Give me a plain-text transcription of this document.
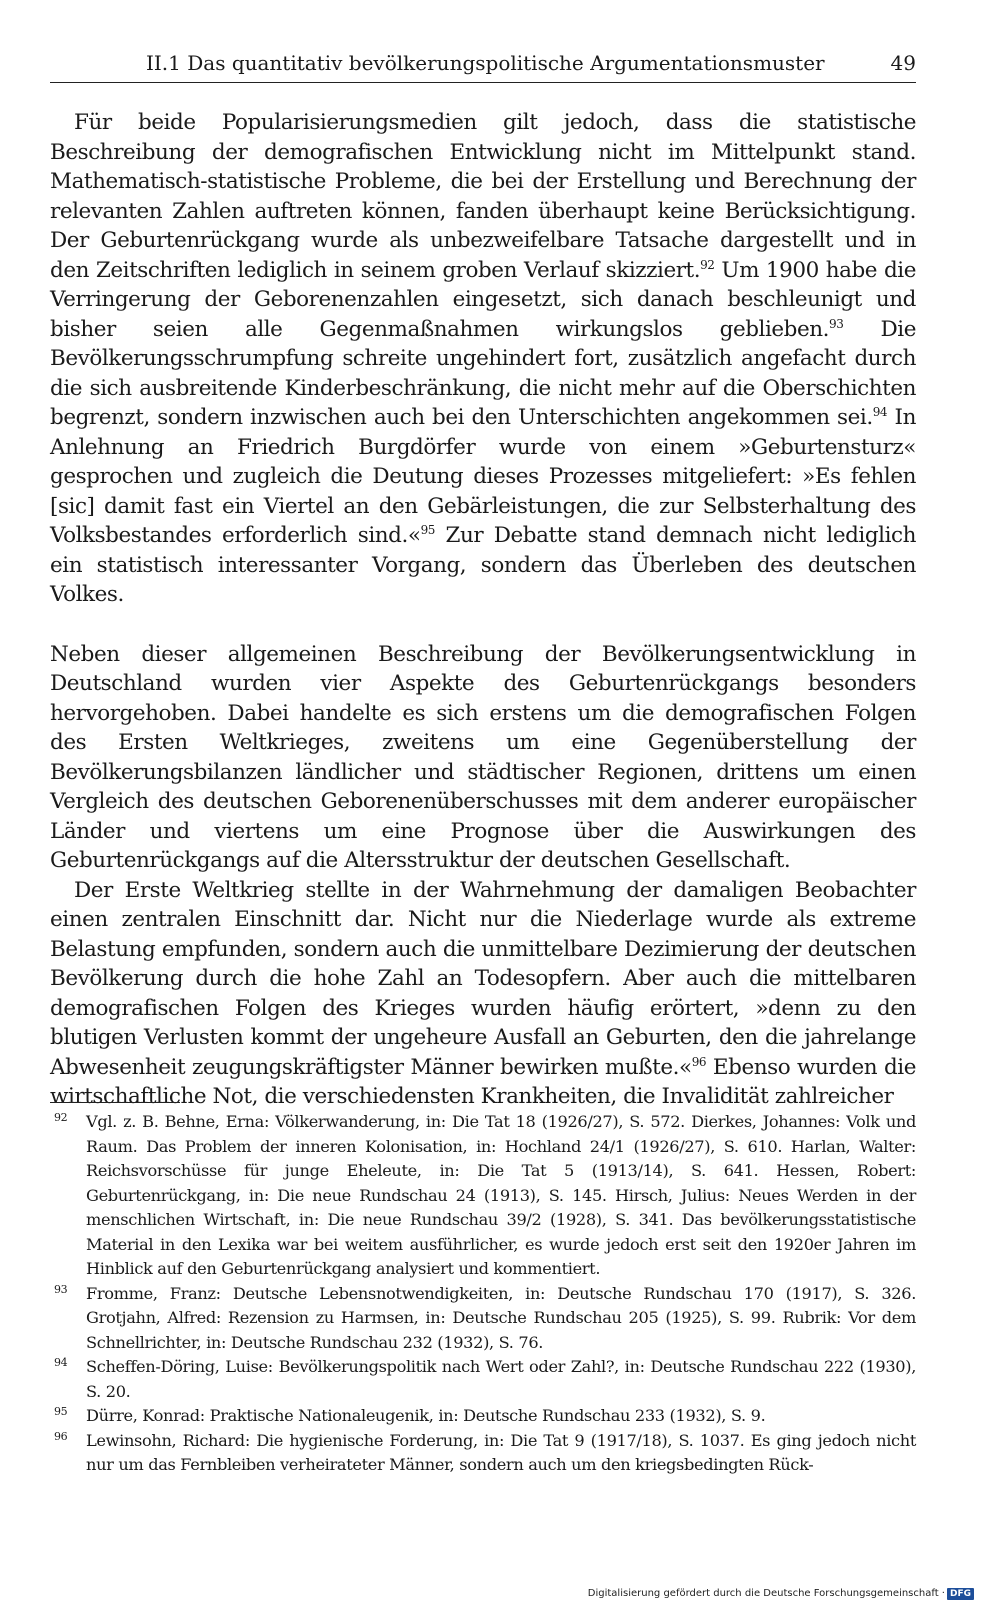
II.1 Das quantitativ bevölkerungspolitische Argumentationsmuster	49

Für beide Popularisierungsmedien gilt jedoch, dass die statistische Beschreibung der demografischen Entwicklung nicht im Mittelpunkt stand. Mathematisch-statistische Probleme, die bei der Erstellung und Berechnung der relevanten Zahlen auftreten können, fanden überhaupt keine Berücksichtigung. Der Geburtenrückgang wurde als unbezweifelbare Tatsache dargestellt und in den Zeitschriften lediglich in seinem groben Verlauf skizziert.$^{92}$ Um 1900 habe die Verringerung der Geborenenzahlen eingesetzt, sich danach beschleunigt und bisher seien alle Gegenmaßnahmen wirkungslos geblieben.$^{93}$ Die Bevölkerungsschrumpfung schreite ungehindert fort, zusätzlich angefacht durch die sich ausbreitende Kinderbeschränkung, die nicht mehr auf die Oberschichten begrenzt, sondern inzwischen auch bei den Unterschichten angekommen sei.$^{94}$ In Anlehnung an Friedrich Burgdörfer wurde von einem »Geburtensturz« gesprochen und zugleich die Deutung dieses Prozesses mitgeliefert: »Es fehlen [sic] damit fast ein Viertel an den Gebärleistungen, die zur Selbsterhaltung des Volksbestandes erforderlich sind.«$^{95}$ Zur Debatte stand demnach nicht lediglich ein statistisch interessanter Vorgang, sondern das Überleben des deutschen Volkes.

Neben dieser allgemeinen Beschreibung der Bevölkerungsentwicklung in Deutschland wurden vier Aspekte des Geburtenrückgangs besonders hervorgehoben. Dabei handelte es sich erstens um die demografischen Folgen des Ersten Weltkrieges, zweitens um eine Gegenüberstellung der Bevölkerungsbilanzen ländlicher und städtischer Regionen, drittens um einen Vergleich des deutschen Geborenenüberschusses mit dem anderer europäischer Länder und viertens um eine Prognose über die Auswirkungen des Geburtenrückgangs auf die Altersstruktur der deutschen Gesellschaft.

Der Erste Weltkrieg stellte in der Wahrnehmung der damaligen Beobachter einen zentralen Einschnitt dar. Nicht nur die Niederlage wurde als extreme Belastung empfunden, sondern auch die unmittelbare Dezimierung der deutschen Bevölkerung durch die hohe Zahl an Todesopfern. Aber auch die mittelbaren demografischen Folgen des Krieges wurden häufig erörtert, »denn zu den blutigen Verlusten kommt der ungeheure Ausfall an Geburten, den die jahrelange Abwesenheit zeugungskräftigster Männer bewirken mußte.«$^{96}$ Ebenso wurden die wirtschaftliche Not, die verschiedensten Krankheiten, die Invalidität zahlreicher

92 Vgl. z. B. Behne, Erna: Völkerwanderung, in: Die Tat 18 (1926/27), S. 572. Dierkes, Johannes: Volk und Raum. Das Problem der inneren Kolonisation, in: Hochland 24/1 (1926/27), S. 610. Harlan, Walter: Reichsvorschüsse für junge Eheleute, in: Die Tat 5 (1913/14), S. 641. Hessen, Robert: Geburtenrückgang, in: Die neue Rundschau 24 (1913), S. 145. Hirsch, Julius: Neues Werden in der menschlichen Wirtschaft, in: Die neue Rundschau 39/2 (1928), S. 341. Das bevölkerungsstatistische Material in den Lexika war bei weitem ausführlicher, es wurde jedoch erst seit den 1920er Jahren im Hinblick auf den Geburtenrückgang analysiert und kommentiert.

93 Fromme, Franz: Deutsche Lebensnotwendigkeiten, in: Deutsche Rundschau 170 (1917), S. 326. Grotjahn, Alfred: Rezension zu Harmsen, in: Deutsche Rundschau 205 (1925), S. 99. Rubrik: Vor dem Schnellrichter, in: Deutsche Rundschau 232 (1932), S. 76.

94 Scheffen-Döring, Luise: Bevölkerungspolitik nach Wert oder Zahl?, in: Deutsche Rundschau 222 (1930), S. 20.

95 Dürre, Konrad: Praktische Nationaleugenik, in: Deutsche Rundschau 233 (1932), S. 9.

96 Lewinsohn, Richard: Die hygienische Forderung, in: Die Tat 9 (1917/18), S. 1037. Es ging jedoch nicht nur um das Fernbleiben verheirateter Männer, sondern auch um den kriegsbedingten Rück-

Digitalisierung gefördert durch die Deutsche Forschungsgemeinschaft · DFG
